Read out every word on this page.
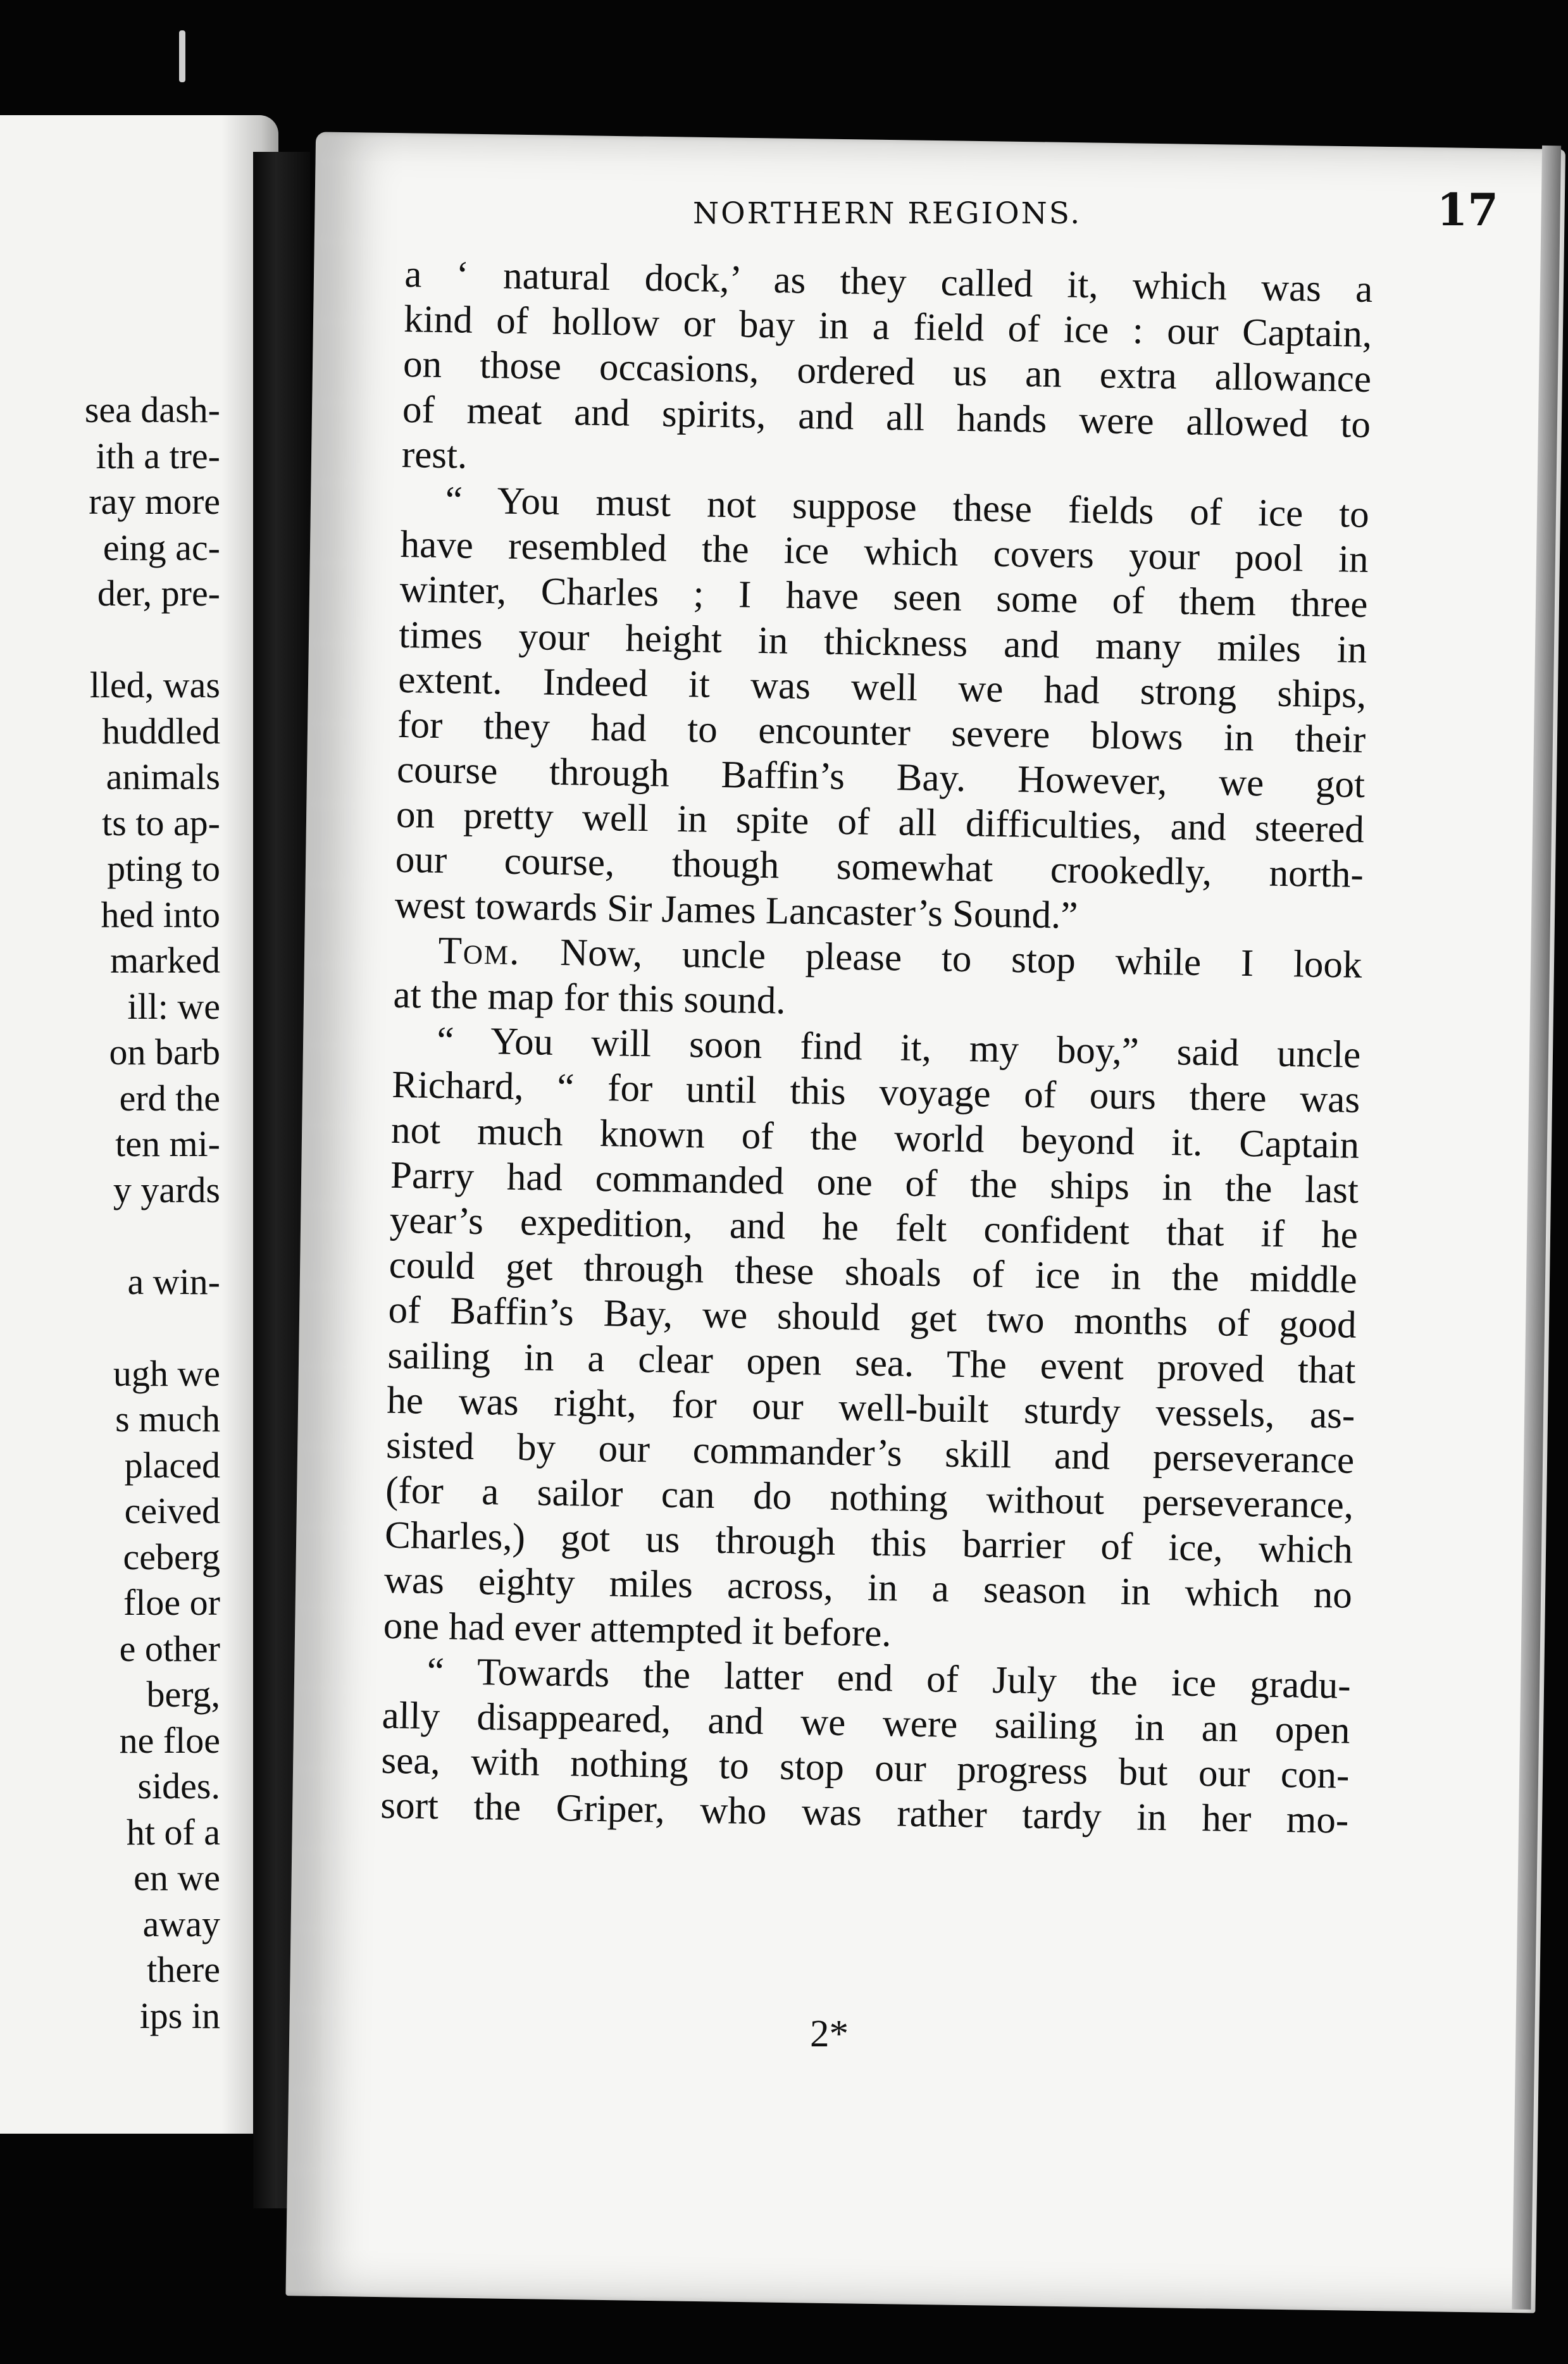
sea dash-
ith a tre-
ray more
eing ac-
der, pre-
lled, was
huddled
animals
ts to ap-
pting to
hed into
marked
ill: we
on barb
erd the
ten mi-
y yards
a win-
ugh we
s much
placed
ceived
ceberg
floe or
e other
berg,
ne floe
sides.
ht of a
en we
away
there
ips in
NORTHERN REGIONS.	17
a ‘ natural dock,’ as they called it, which was a
kind of hollow or bay in a field of ice : our Captain,
on those occasions, ordered us an extra allowance
of meat and spirits, and all hands were allowed to
rest.
“ You must not suppose these fields of ice to
have resembled the ice which covers your pool in
winter, Charles ; I have seen some of them three
times your height in thickness and many miles in
extent. Indeed it was well we had strong ships,
for they had to encounter severe blows in their
course through Baffin’s Bay. However, we got
on pretty well in spite of all difficulties, and steered
our course, though somewhat crookedly, north-
west towards Sir James Lancaster’s Sound.”
Tom. Now, uncle please to stop while I look
at the map for this sound.
“ You will soon find it, my boy,” said uncle
Richard, “ for until this voyage of ours there was
not much known of the world beyond it. Captain
Parry had commanded one of the ships in the last
year’s expedition, and he felt confident that if he
could get through these shoals of ice in the middle
of Baffin’s Bay, we should get two months of good
sailing in a clear open sea. The event proved that
he was right, for our well-built sturdy vessels, as-
sisted by our commander’s skill and perseverance
(for a sailor can do nothing without perseverance,
Charles,) got us through this barrier of ice, which
was eighty miles across, in a season in which no
one had ever attempted it before.
“ Towards the latter end of July the ice gradu-
ally disappeared, and we were sailing in an open
sea, with nothing to stop our progress but our con-
sort the Griper, who was rather tardy in her mo-
2*
